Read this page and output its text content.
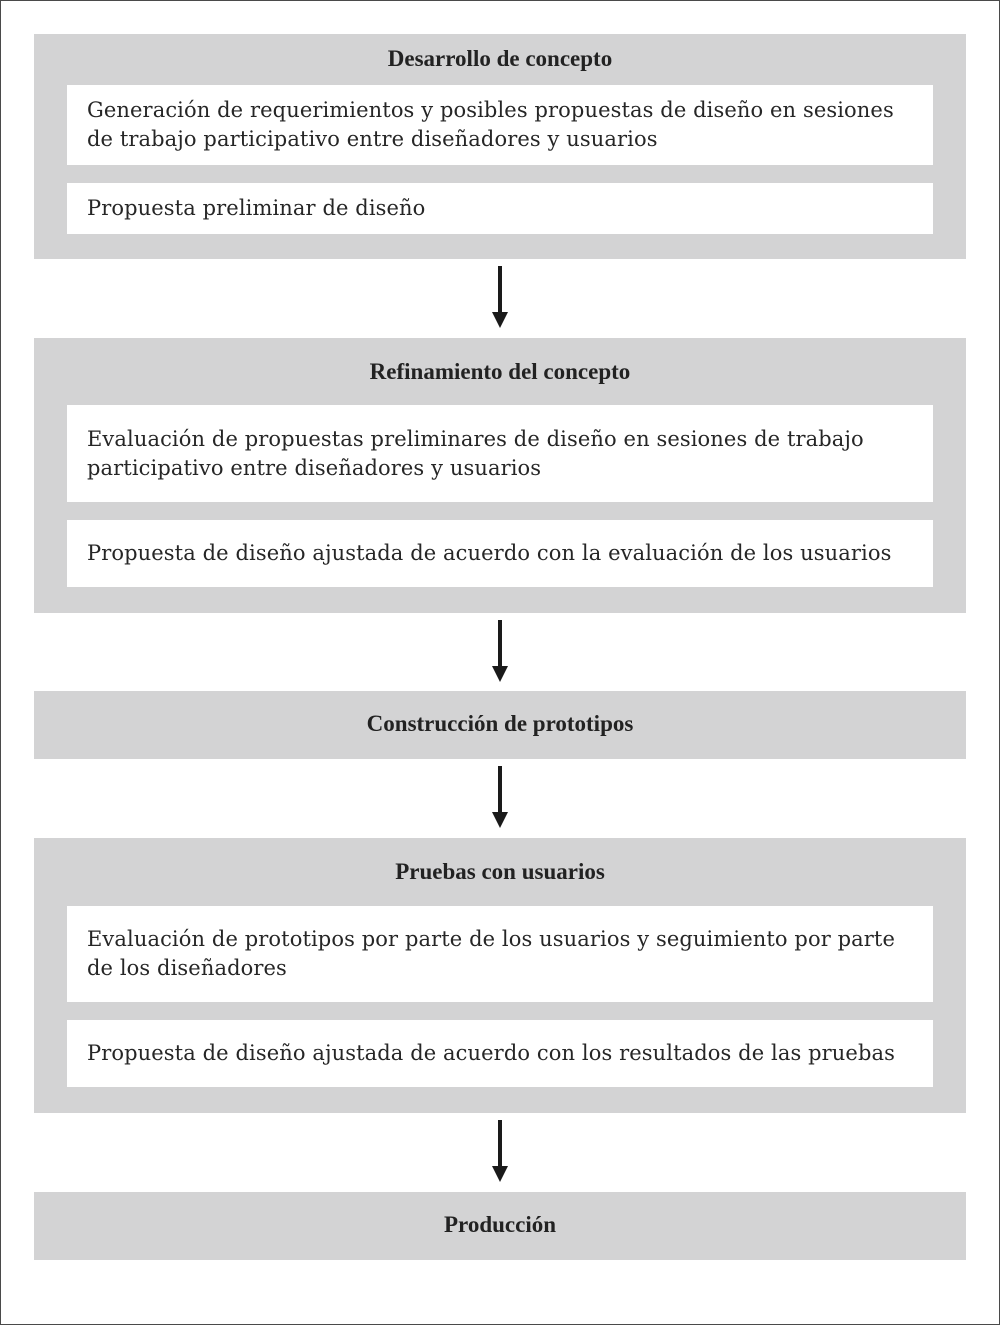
Desarrollo de concepto
Generación de requerimientos y posibles propuestas de diseño en sesiones de trabajo participativo entre diseñadores y usuarios
Propuesta preliminar de diseño
Refinamiento del concepto
Evaluación de propuestas preliminares de diseño en sesiones de trabajo participativo entre diseñadores y usuarios
Propuesta de diseño ajustada de acuerdo con la evaluación de los usuarios
Construcción de prototipos
Pruebas con usuarios
Evaluación de prototipos por parte de los usuarios y seguimiento por parte de los diseñadores
Propuesta de diseño ajustada de acuerdo con los resultados de las pruebas
Producción
